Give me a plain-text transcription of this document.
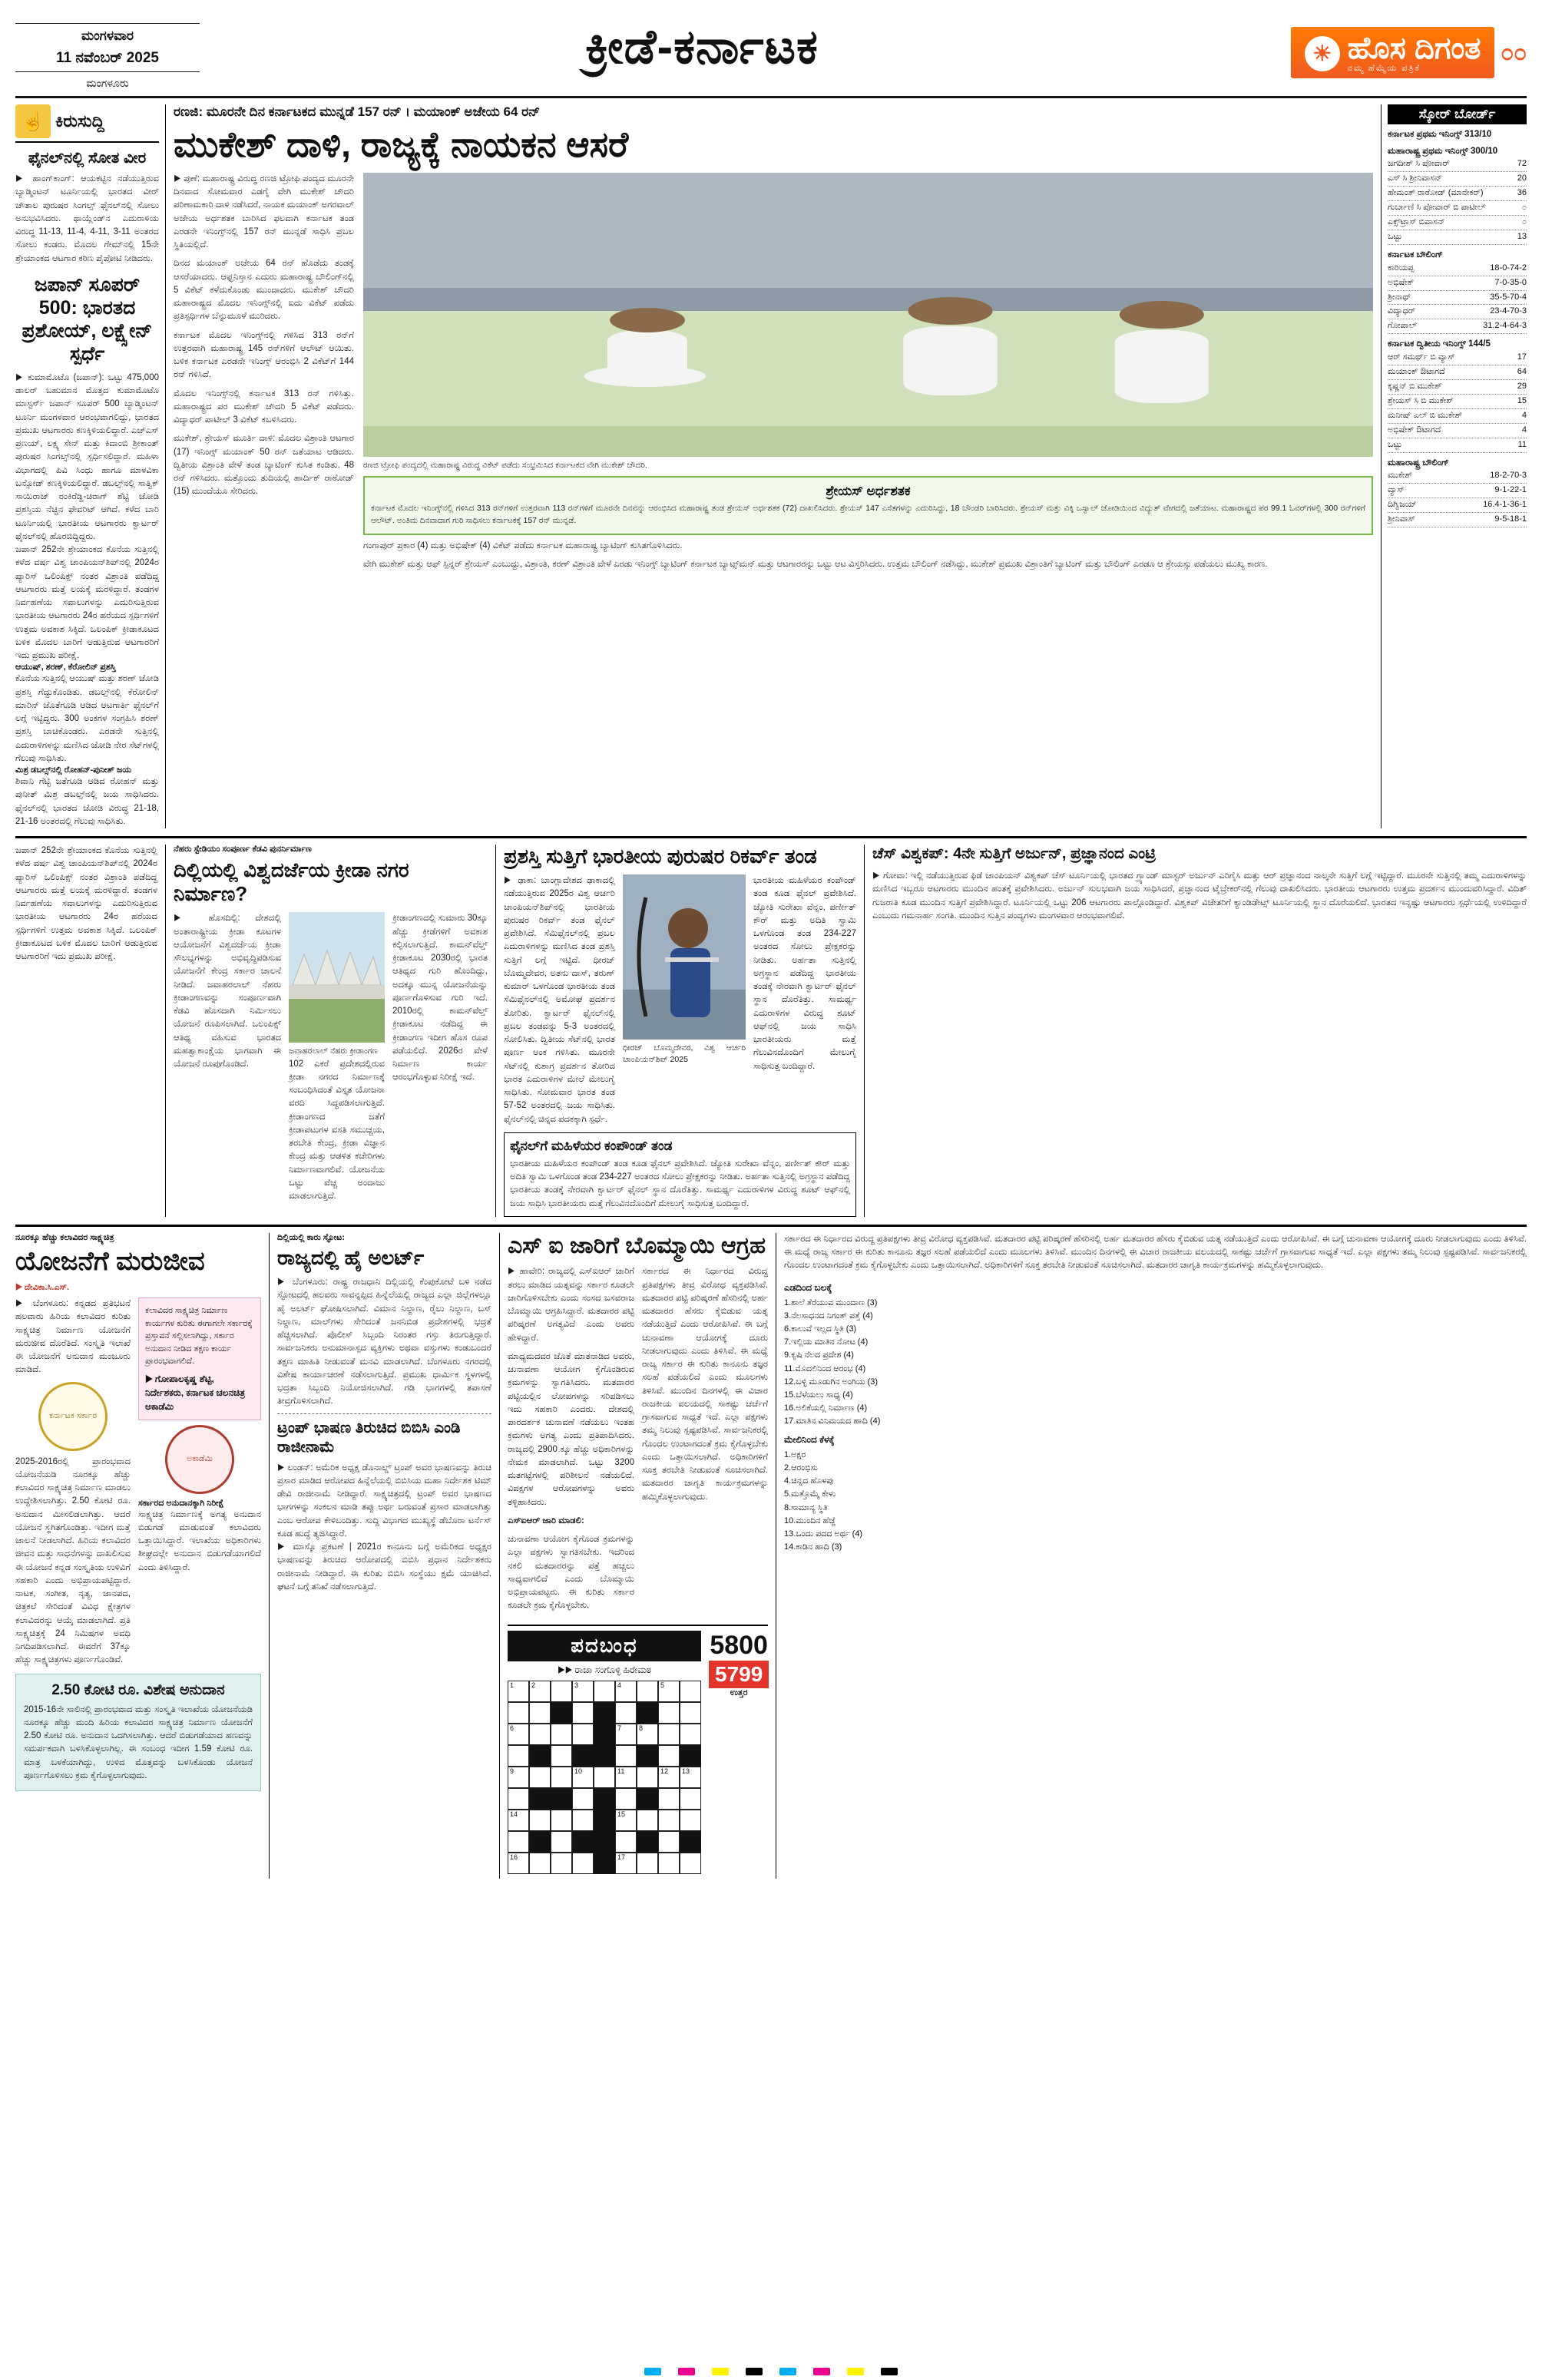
ಮಂಗಳವಾರ
11 ನವೆಂಬರ್ 2025
ಮಂಗಳೂರು
ಕ್ರೀಡೆ-ಕರ್ನಾಟಕ	☀ ಹೊಸ ದಿಗಂತ
ನಮ್ಮ ಹೆಮ್ಮೆಯ ಪತ್ರಿಕೆ
೦೦
☝ ಕಿರುಸುದ್ದಿ
ಫೈನಲ್‌ನಲ್ಲಿ ಸೋತ ವೀರ
▶ ಹಾಂಗ್‌ಕಾಂಗ್: ಆಯಕಟ್ಟಿನ ನಡೆಯುತ್ತಿರುವ ಬ್ಯಾಡ್ಮಿಂಟನ್ ಟೂರ್ನಿಯಲ್ಲಿ ಭಾರತದ ವೀರ್ ಚೌತಾಲ ಪುರುಷರ ಸಿಂಗಲ್ಸ್ ಫೈನಲ್‌ನಲ್ಲಿ ಸೋಲು ಅನುಭವಿಸಿದರು. ಥಾಯ್ಲೆಂಡ್‌ನ ಎದುರಾಳಿಯ ವಿರುದ್ಧ 11-13, 11-4, 4-11, 3-11 ಅಂತರದ ಸೋಲು ಕಂಡರು. ಮೊದಲ ಗೇಮ್‌ನಲ್ಲಿ 15ನೇ ಶ್ರೇಯಾಂಕದ ಆಟಗಾರ ಕಠಿಣ ಪೈಪೋಟಿ ನೀಡಿದರು.
ಜಪಾನ್ ಸೂಪರ್ 500: ಭಾರತದ ಪ್ರಶೋಯ್, ಲಕ್ಷ್ಸೇನ್ ಸ್ಪರ್ಧೆ
▶ ಕುಮಾಮೊಟೊ (ಜಪಾನ್): ಒಟ್ಟು 475,000 ಡಾಲರ್ ಬಹುಮಾನ ಮೊತ್ತದ ಕುಮಾಮೊಟೊ ಮಾಸ್ಟರ್ಸ್ ಜಪಾನ್ ಸೂಪರ್ 500 ಬ್ಯಾಡ್ಮಿಂಟನ್ ಟೂರ್ನಿ ಮಂಗಳವಾರ ಆರಂಭವಾಗಲಿದ್ದು, ಭಾರತದ ಪ್ರಮುಖ ಆಟಗಾರರು ಕಣಕ್ಕಿಳಿಯಲಿದ್ದಾರೆ. ಎಚ್‌ಎಸ್ ಪ್ರಣಯ್, ಲಕ್ಷ್ಯ ಸೇನ್ ಮತ್ತು ಕಿದಾಂಬಿ ಶ್ರೀಕಾಂತ್ ಪುರುಷರ ಸಿಂಗಲ್ಸ್‌ನಲ್ಲಿ ಸ್ಪರ್ಧಿಸಲಿದ್ದಾರೆ. ಮಹಿಳಾ ವಿಭಾಗದಲ್ಲಿ ಪಿವಿ ಸಿಂಧು ಹಾಗೂ ಮಾಳವಿಕಾ ಬನ್ಸೋಡ್ ಕಣಕ್ಕಿಳಿಯಲಿದ್ದಾರೆ. ಡಬಲ್ಸ್‌ನಲ್ಲಿ ಸಾತ್ವಿಕ್ ಸಾಯಿರಾಜ್ ರಂಕಿರೆಡ್ಡಿ-ಚಿರಾಗ್ ಶೆಟ್ಟಿ ಜೋಡಿ ಪ್ರಶಸ್ತಿಯ ನೆಚ್ಚಿನ ಫೇವರಿಟ್ ಆಗಿದೆ. ಕಳೆದ ಬಾರಿ ಟೂರ್ನಿಯಲ್ಲಿ ಭಾರತೀಯ ಆಟಗಾರರು ಕ್ವಾರ್ಟರ್ ಫೈನಲ್‌ನಲ್ಲಿ ಹೊರಬಿದ್ದಿದ್ದರು.
ಜಪಾನ್ 252ನೇ ಶ್ರೇಯಾಂಕದ ಕೊನೆಯ ಸುತ್ತಿನಲ್ಲಿ ಕಳೆದ ವರ್ಷ ವಿಶ್ವ ಚಾಂಪಿಯನ್‌ಶಿಪ್‌ನಲ್ಲಿ 2024ರ ಪ್ಯಾರಿಸ್ ಒಲಿಂಪಿಕ್ಸ್ ನಂತರ ವಿಶ್ರಾಂತಿ ಪಡೆದಿದ್ದ ಆಟಗಾರರು ಮತ್ತೆ ಲಯಕ್ಕೆ ಮರಳಿದ್ದಾರೆ. ತಂಡಗಳ ನಿರ್ವಹಣೆಯ ಸವಾಲುಗಳನ್ನು ಎದುರಿಸುತ್ತಿರುವ ಭಾರತೀಯ ಆಟಗಾರರು 24ರ ಹರೆಯದ ಸ್ಪರ್ಧಿಗಳಿಗೆ ಉತ್ತಮ ಅವಕಾಶ ಸಿಕ್ಕಿದೆ. ಒಲಂಪಿಕ್ ಕ್ರೀಡಾಕೂಟದ ಬಳಿಕ ಮೊದಲ ಬಾರಿಗೆ ಆಡುತ್ತಿರುವ ಆಟಗಾರರಿಗೆ ಇದು ಪ್ರಮುಖ ಪರೀಕ್ಷೆ.
ಆಯುಷ್, ಶರಣ್, ಕೆರೋಲಿನ್ ಪ್ರಶಸ್ತಿ
ಕೊನೆಯ ಸುತ್ತಿನಲ್ಲಿ ಆಯುಷ್ ಮತ್ತು ಶರಣ್ ಜೋಡಿ ಪ್ರಶಸ್ತಿ ಗೆದ್ದುಕೊಂಡಿತು. ಡಬಲ್ಸ್‌ನಲ್ಲಿ ಕೆರೋಲಿನ್ ಮಾರಿನ್ ಜೊತೆಗೂಡಿ ಆಡಿದ ಆಟಗಾರ್ತಿ ಫೈನಲ್‌ಗೆ ಲಗ್ಗೆ ಇಟ್ಟಿದ್ದರು. 300 ಅಂಕಗಳ ಸಂಗ್ರಹಿಸಿ ಶರಣ್ ಪ್ರಶಸ್ತಿ ಬಾಚಿಕೊಂಡರು. ಎರಡನೇ ಸುತ್ತಿನಲ್ಲಿ ಎದುರಾಳಿಗಳನ್ನು ಮಣಿಸಿದ ಜೋಡಿ ನೇರ ಸೆಟ್‌ಗಳಲ್ಲಿ ಗೆಲುವು ಸಾಧಿಸಿತು.
ಮಿಶ್ರ ಡಬಲ್ಸ್‌ನಲ್ಲಿ ರೋಹನ್-ಪುನೀತ್ ಜಯ
ಶಿವಾನಿ ಗೆಟ್ಟಿ ಜತೆಗೂಡಿ ಆಡಿದ ರೋಹನ್ ಮತ್ತು ಪುನೀತ್ ಮಿಶ್ರ ಡಬಲ್ಸ್‌ನಲ್ಲಿ ಜಯ ಸಾಧಿಸಿದರು. ಫೈನಲ್‌ನಲ್ಲಿ ಭಾರತದ ಜೋಡಿ ವಿರುದ್ಧ 21-18, 21-16 ಅಂತರದಲ್ಲಿ ಗೆಲುವು ಸಾಧಿಸಿತು.
ರಣಜಿ: ಮೂರನೇ ದಿನ ಕರ್ನಾಟಕದ ಮುನ್ನಡೆ 157 ರನ್ । ಮಯಾಂಕ್ ಅಜೇಯ 64 ರನ್
ಮುಕೇಶ್ ದಾಳಿ, ರಾಜ್ಯಕ್ಕೆ ನಾಯಕನ ಆಸರೆ

▶ ಪುಣೆ: ಮಹಾರಾಷ್ಟ್ರ ವಿರುದ್ಧ ರಣಜಿ ಟ್ರೋಫಿ ಪಂದ್ಯದ ಮೂರನೇ ದಿನವಾದ ಸೋಮವಾರ ಎಡಗೈ ವೇಗಿ ಮುಕೇಶ್ ಚೌದರಿ ಪರಿಣಾಮಕಾರಿ ದಾಳಿ ನಡೆಸಿದರೆ, ನಾಯಕ ಮಯಾಂಕ್ ಅಗರವಾಲ್ ಅಜೇಯ ಅರ್ಧಶತಕ ಬಾರಿಸಿದ ಫಲವಾಗಿ ಕರ್ನಾಟಕ ತಂಡ ಎರಡನೇ ಇನಿಂಗ್ಸ್‌ನಲ್ಲಿ 157 ರನ್ ಮುನ್ನಡೆ ಸಾಧಿಸಿ ಪ್ರಬಲ ಸ್ಥಿತಿಯಲ್ಲಿದೆ.

ದಿನದ ಮಯಾಂಕ್ ಅಜೇಯ 64 ರನ್ ಹೊಡೆದು ತಂಡಕ್ಕೆ ಆಸರೆಯಾದರು. ಆಫ್ಘನಿಸ್ತಾನ ಎದುರು ಮಹಾರಾಷ್ಟ್ರ ಬೌಲಿಂಗ್‌ನಲ್ಲಿ 5 ವಿಕೆಟ್ ಕಳೆದುಕೊಂಡು ಮುಂದಾದರು. ಮುಕೇಶ್ ಚೌದರಿ ಮಹಾರಾಷ್ಟ್ರದ ಮೊದಲ ಇನಿಂಗ್ಸ್‌ನಲ್ಲಿ ಐದು ವಿಕೆಟ್ ಪಡೆದು ಪ್ರತಿಸ್ಪರ್ಧಿಗಳ ಬೆನ್ನುಮೂಳೆ ಮುರಿದರು.

ಕರ್ನಾಟಕ ಮೊದಲ ಇನಿಂಗ್ಸ್‌ನಲ್ಲಿ ಗಳಿಸಿದ 313 ರನ್‌ಗೆ ಉತ್ತರವಾಗಿ ಮಹಾರಾಷ್ಟ್ರ 145 ರನ್‌ಗಳಿಗೆ ಆಲೌಟ್ ಆಯಿತು. ಬಳಿಕ ಕರ್ನಾಟಕ ಎರಡನೇ ಇನಿಂಗ್ಸ್ ಆರಂಭಿಸಿ 2 ವಿಕೆಟ್‌ಗೆ 144 ರನ್ ಗಳಿಸಿದೆ.

ಮೊದಲ ಇನಿಂಗ್ಸ್‌ನಲ್ಲಿ ಕರ್ನಾಟಕ 313 ರನ್ ಗಳಿಸಿತ್ತು. ಮಹಾರಾಷ್ಟ್ರದ ಪರ ಮುಕೇಶ್ ಚೌದರಿ 5 ವಿಕೆಟ್ ಪಡೆದರು. ವಿದ್ಯಾಧರ್ ಪಾಟೀಲ್ 3 ವಿಕೆಟ್ ಕಬಳಿಸಿದರು.

ಮುಕೇಶ್, ಶ್ರೇಯಸ್ ಮೂರ್ತಿ ದಾಳಿ: ಮೊದಲ ವಿಶ್ರಾಂತಿ ಆಟಗಾರ (17) ಇನಿಂಗ್ಸ್ ಮಯಾಂಕ್ 50 ರನ್ ಜತೆಯಾಟ ಆಡಿದರು. ದ್ವಿತೀಯ ವಿಶ್ರಾಂತಿ ವೇಳೆ ತಂಡ ಬ್ಯಾಟಿಂಗ್ ಕುಸಿತ ಕಂಡಿತು. 48 ರನ್ ಗಳಿಸಿದರು. ಮತ್ತೊಂದು ತುದಿಯಲ್ಲಿ ಹಾರ್ದಿಕ್ ರಾಠೋಡ್ (15) ಮುಂದೆಯೂ ಸೇರಿದರು.

ರಣಜಿ ಟ್ರೋಫಿ ಪಂದ್ಯದಲ್ಲಿ ಮಹಾರಾಷ್ಟ್ರ ವಿರುದ್ಧ ವಿಕೆಟ್ ಪಡೆದು ಸಂಭ್ರಮಿಸಿದ ಕರ್ನಾಟಕದ ವೇಗಿ ಮುಕೇಶ್ ಚೌದರಿ.
ಶ್ರೇಯಸ್ ಅರ್ಧಶತಕ
ಕರ್ನಾಟಕ ಮೊದಲ ಇನಿಂಗ್ಸ್‌ನಲ್ಲಿ ಗಳಿಸಿದ 313 ರನ್‌ಗಳಿಗೆ ಉತ್ತರವಾಗಿ 113 ರನ್‌ಗಳಿಗೆ ಮೂರನೇ ದಿನವನ್ನು ಆರಂಭಿಸಿದ ಮಹಾರಾಷ್ಟ್ರ ತಂಡ ಶ್ರೇಯಸ್ ಅರ್ಧಶತಕ (72) ದಾಖಲಿಸಿದರು. ಶ್ರೇಯಸ್ 147 ಎಸೆತಗಳನ್ನು ಎದುರಿಸಿದ್ದು, 18 ಬೌಂಡರಿ ಬಾರಿಸಿದರು. ಶ್ರೇಯಸ್ ಮತ್ತು ವಿಕ್ಕಿ ಒಸ್ವಾಲ್ ಜೋಡಿಯಿಂದ ವಿದ್ಯುತ್ ವೇಗದಲ್ಲಿ ಜತೆಯಾಟ. ಮಹಾರಾಷ್ಟ್ರದ ಪರ 99.1 ಓವರ್‌ಗಳಲ್ಲಿ 300 ರನ್‌ಗಳಿಗೆ ಆಲೌಟ್. ಅಂತಿಮ ದಿನವಾದಾಗ ಗುರಿ ಸಾಧಿಸಲು ಕರ್ನಾಟಕಕ್ಕೆ 157 ರನ್ ಮುನ್ನಡೆ.

ಗಂಗಾಪುರ್ ಪ್ರಕಾರ (4) ಮತ್ತು ಅಭಿಷೇಕ್ (4) ವಿಕೆಟ್ ಪಡೆದು ಕರ್ನಾಟಕ ಮಹಾರಾಷ್ಟ್ರ ಬ್ಯಾಟಿಂಗ್ ಕುಸಿತಗೊಳಿಸಿದರು.

ವೇಗಿ ಮುಕೇಶ್ ಮತ್ತು ಆಫ್ ಸ್ಪಿನ್ನರ್ ಶ್ರೇಯಸ್ ಎಂಬುದ್ದು, ವಿಶ್ರಾಂತಿ, ಕರಣ್ ವಿಶ್ರಾಂತಿ ವೇಳೆ ಎರಡು ಇನಿಂಗ್ಸ್ ಬ್ಯಾಟಿಂಗ್ ಕರ್ನಾಟಕ ಬ್ಯಾಟ್ಸ್‌ಮನ್ ಮತ್ತು ಆಟಗಾರರನ್ನು ಒಟ್ಟು ಆಟ ವಿಸ್ತರಿಸಿದರು. ಉತ್ತಮ ಬೌಲಿಂಗ್ ನಡೆಸಿದ್ದು, ಮುಕೇಶ್ ಪ್ರಮುಖ ವಿಶ್ರಾಂತಿಗೆ ಬ್ಯಾಟಿಂಗ್ ಮತ್ತು ಬೌಲಿಂಗ್ ಎರಡೂ ಆ ಶ್ರೇಯಸ್ಸು ಪಡೆಯಲು ಮುಖ್ಯ ಕಾರಣ.

ಸ್ಕೋರ್ ಬೋರ್ಡ್
ಕರ್ನಾಟಕ ಪ್ರಥಮ ಇನಿಂಗ್ಸ್ 313/10
ಮಹಾರಾಷ್ಟ್ರ ಪ್ರಥಮ ಇನಿಂಗ್ಸ್ 300/10
ಜಗದೀಶ್ ಸಿ ಪೋವಾರ್	72
ಎಸ್ ಸಿ ಶ್ರೀನಿವಾಸನ್	20
ಹೇಮಂತ್ ರಾಠೋಡ್ (ಮಾನೇಕರ್)	36
ಗುರ್ಬಾಣಿ ಸಿ ಪೋವಾರ್ ಬಿ ಪಾಟೀಲ್	೦
ಎಕ್ಸ್‌ಟ್ರಾಸ್ ಬಿವಾಸನ್	೦
ಒಟ್ಟು	13
ಕರ್ನಾಟಕ ಬೌಲಿಂಗ್
ಕಾರಿಯಪ್ಪ	18-0-74-2
ಅಭಿಷೇಕ್	7-0-35-0
ಶ್ರೀನಾಥ್	35-5-70-4
ವಿದ್ಯಾಧರ್	23-4-70-3
ಗೋಪಾಲ್	31.2-4-64-3
ಕರ್ನಾಟಕ ದ್ವಿತೀಯ ಇನಿಂಗ್ಸ್ 144/5
ಆರ್ ಸಮರ್ಥ್ ಬಿ ವ್ಯಾಸ್	17
ಮಯಾಂಕ್ ಔಟಾಗದೆ	64
ಕೃಷ್ಣನ್ ಬಿ ಮುಕೇಶ್	29
ಶ್ರೇಯಸ್ ಸಿ ಬಿ ಮುಕೇಶ್	15
ಮನೀಷ್ ಎಲ್ ಬಿ ಮುಕೇಶ್	4
ಅಭಿಷೇಕ್ ಔಟಾಗದೆ	4
ಒಟ್ಟು	11
ಮಹಾರಾಷ್ಟ್ರ ಬೌಲಿಂಗ್
ಮುಕೇಶ್	18-2-70-3
ವ್ಯಾಸ್	9-1-22-1
ದಿಗ್ವಿಜಯ್	16.4-1-36-1
ಶ್ರೀನಿವಾಸ್	9-5-18-1
ಜಪಾನ್ 252ನೇ ಶ್ರೇಯಾಂಕದ ಕೊನೆಯ ಸುತ್ತಿನಲ್ಲಿ ಕಳೆದ ವರ್ಷ ವಿಶ್ವ ಚಾಂಪಿಯನ್‌ಶಿಪ್‌ನಲ್ಲಿ 2024ರ ಪ್ಯಾರಿಸ್ ಒಲಿಂಪಿಕ್ಸ್ ನಂತರ ವಿಶ್ರಾಂತಿ ಪಡೆದಿದ್ದ ಆಟಗಾರರು ಮತ್ತೆ ಲಯಕ್ಕೆ ಮರಳಿದ್ದಾರೆ. ತಂಡಗಳ ನಿರ್ವಹಣೆಯ ಸವಾಲುಗಳನ್ನು ಎದುರಿಸುತ್ತಿರುವ ಭಾರತೀಯ ಆಟಗಾರರು 24ರ ಹರೆಯದ ಸ್ಪರ್ಧಿಗಳಿಗೆ ಉತ್ತಮ ಅವಕಾಶ ಸಿಕ್ಕಿದೆ. ಒಲಂಪಿಕ್ ಕ್ರೀಡಾಕೂಟದ ಬಳಿಕ ಮೊದಲ ಬಾರಿಗೆ ಆಡುತ್ತಿರುವ ಆಟಗಾರರಿಗೆ ಇದು ಪ್ರಮುಖ ಪರೀಕ್ಷೆ.
ನೆಹರು ಸ್ಟೇಡಿಯಂ ಸಂಪೂರ್ಣ ಕೆಡವಿ ಪುನರ್ನಿರ್ಮಾಣ
ದಿಲ್ಲಿಯಲ್ಲಿ ವಿಶ್ವದರ್ಜೆಯ ಕ್ರೀಡಾ ನಗರ ನಿರ್ಮಾಣ?
▶ ಹೊಸದಿಲ್ಲಿ: ದೇಶದಲ್ಲಿ ಅಂತಾರಾಷ್ಟ್ರೀಯ ಕ್ರೀಡಾ ಕೂಟಗಳ ಆಯೋಜನೆಗೆ ವಿಶ್ವದರ್ಜೆಯ ಕ್ರೀಡಾ ಸೌಲಭ್ಯಗಳನ್ನು ಅಭಿವೃದ್ಧಿಪಡಿಸುವ ಯೋಜನೆಗೆ ಕೇಂದ್ರ ಸರ್ಕಾರ ಚಾಲನೆ ನೀಡಿದೆ. ಜವಾಹರಲಾಲ್ ನೆಹರು ಕ್ರೀಡಾಂಗಣವನ್ನು ಸಂಪೂರ್ಣವಾಗಿ ಕೆಡವಿ ಹೊಸದಾಗಿ ನಿರ್ಮಿಸಲು ಯೋಜನೆ ರೂಪಿಸಲಾಗಿದೆ. ಒಲಂಪಿಕ್ಸ್ ಆತಿಥ್ಯ ವಹಿಸುವ ಭಾರತದ ಮಹತ್ವಾಕಾಂಕ್ಷೆಯ ಭಾಗವಾಗಿ ಈ ಯೋಜನೆ ರೂಪುಗೊಂಡಿದೆ.
ಜವಾಹರಲಾಲ್ ನೆಹರು ಕ್ರೀಡಾಂಗಣ
102 ಎಕರೆ ಪ್ರದೇಶದಲ್ಲಿರುವ ಕ್ರೀಡಾ ನಗರದ ನಿರ್ಮಾಣಕ್ಕೆ ಸಂಬಂಧಿಸಿದಂತೆ ವಿಸ್ತೃತ ಯೋಜನಾ ವರದಿ ಸಿದ್ಧಪಡಿಸಲಾಗುತ್ತಿದೆ. ಕ್ರೀಡಾಂಗಣದ ಜತೆಗೆ ಕ್ರೀಡಾಪಟುಗಳ ವಸತಿ ಸಮುಚ್ಚಯ, ತರಬೇತಿ ಕೇಂದ್ರ, ಕ್ರೀಡಾ ವಿಜ್ಞಾನ ಕೇಂದ್ರ ಮತ್ತು ಆಡಳಿತ ಕಚೇರಿಗಳು ನಿರ್ಮಾಣವಾಗಲಿವೆ. ಯೋಜನೆಯ ಒಟ್ಟು ವೆಚ್ಚ ಅಂದಾಜು ಮಾಡಲಾಗುತ್ತಿದೆ.
ಕ್ರೀಡಾಂಗಣದಲ್ಲಿ ಸುಮಾರು 30ಕ್ಕೂ ಹೆಚ್ಚು ಕ್ರೀಡೆಗಳಿಗೆ ಅವಕಾಶ ಕಲ್ಪಿಸಲಾಗುತ್ತಿದೆ. ಕಾಮನ್‌ವೆಲ್ತ್ ಕ್ರೀಡಾಕೂಟ 2030ರಲ್ಲಿ ಭಾರತ ಆತಿಥ್ಯದ ಗುರಿ ಹೊಂದಿದ್ದು, ಅದಕ್ಕೂ ಮುನ್ನ ಯೋಜನೆಯನ್ನು ಪೂರ್ಣಗೊಳಿಸುವ ಗುರಿ ಇದೆ. 2010ರಲ್ಲಿ ಕಾಮನ್‌ವೆಲ್ತ್ ಕ್ರೀಡಾಕೂಟ ನಡೆದಿದ್ದ ಈ ಕ್ರೀಡಾಂಗಣ ಇದೀಗ ಹೊಸ ರೂಪ ಪಡೆಯಲಿದೆ. 2026ರ ವೇಳೆ ನಿರ್ಮಾಣ ಕಾರ್ಯ ಆರಂಭಗೊಳ್ಳುವ ನಿರೀಕ್ಷೆ ಇದೆ.
ಪ್ರಶಸ್ತಿ ಸುತ್ತಿಗೆ ಭಾರತೀಯ ಪುರುಷರ ರಿಕರ್ವ್ ತಂಡ
▶ ಢಾಕಾ: ಬಾಂಗ್ಲಾದೇಶದ ಢಾಕಾದಲ್ಲಿ ನಡೆಯುತ್ತಿರುವ 2025ರ ವಿಶ್ವ ಆರ್ಚರಿ ಚಾಂಪಿಯನ್‌ಶಿಪ್‌ನಲ್ಲಿ ಭಾರತೀಯ ಪುರುಷರ ರಿಕರ್ವ್ ತಂಡ ಫೈನಲ್ ಪ್ರವೇಶಿಸಿದೆ. ಸೆಮಿಫೈನಲ್‌ನಲ್ಲಿ ಪ್ರಬಲ ಎದುರಾಳಿಗಳನ್ನು ಮಣಿಸಿದ ತಂಡ ಪ್ರಶಸ್ತಿ ಸುತ್ತಿಗೆ ಲಗ್ಗೆ ಇಟ್ಟಿದೆ. ಧೀರಜ್ ಬೊಮ್ಮದೇವರ, ಅತನು ದಾಸ್, ತರುಣ್ ಕುಮಾರ್ ಒಳಗೊಂಡ ಭಾರತೀಯ ತಂಡ ಸೆಮಿಫೈನಲ್‌ನಲ್ಲಿ ಅಮೋಘ ಪ್ರದರ್ಶನ ತೋರಿತು. ಕ್ವಾರ್ಟರ್ ಫೈನಲ್‌ನಲ್ಲಿ ಪ್ರಬಲ ತಂಡವನ್ನು 5-3 ಅಂತರದಲ್ಲಿ ಸೋಲಿಸಿತು. ದ್ವಿತೀಯ ಸೆಟ್‌ನಲ್ಲಿ ಭಾರತ ಪೂರ್ಣ ಅಂಕ ಗಳಿಸಿತು. ಮೂರನೇ ಸೆಟ್‌ನಲ್ಲಿ ಕುಶಾಗ್ರ ಪ್ರದರ್ಶನ ತೋರಿದ ಭಾರತ ಎದುರಾಳಿಗಳ ಮೇಲೆ ಮೇಲುಗೈ ಸಾಧಿಸಿತು. ಸೋಮವಾರ ಭಾರತ ತಂಡ 57-52 ಅಂತರದಲ್ಲಿ ಜಯ ಸಾಧಿಸಿತು. ಫೈನಲ್‌ನಲ್ಲಿ ಚಿನ್ನದ ಪದಕಕ್ಕಾಗಿ ಸ್ಪರ್ಧೆ.
ಧೀರಜ್ ಬೊಮ್ಮದೇವರ, ವಿಶ್ವ ಆರ್ಚರಿ ಚಾಂಪಿಯನ್‌ಶಿಪ್ 2025
ಭಾರತೀಯ ಮಹಿಳೆಯರ ಕಂಪೌಂಡ್ ತಂಡ ಕೂಡ ಫೈನಲ್ ಪ್ರವೇಶಿಸಿದೆ. ಜ್ಯೋತಿ ಸುರೇಖಾ ವೆನ್ನಂ, ಪರ್ಣೀತ್ ಕೌರ್ ಮತ್ತು ಅದಿತಿ ಸ್ವಾಮಿ ಒಳಗೊಂಡ ತಂಡ 234-227 ಅಂತರದ ಸೋಲು ಪ್ರೇಕ್ಷಕರನ್ನು ನೀಡಿತು. ಅರ್ಹತಾ ಸುತ್ತಿನಲ್ಲಿ ಅಗ್ರಸ್ಥಾನ ಪಡೆದಿದ್ದ ಭಾರತೀಯ ತಂಡಕ್ಕೆ ನೇರವಾಗಿ ಕ್ವಾರ್ಟರ್ ಫೈನಲ್ ಸ್ಥಾನ ದೊರೆತಿತ್ತು. ಸಾಮರ್ಥ್ಯ ಎದುರಾಳಿಗಳ ವಿರುದ್ಧ ಶೂಟ್ ಆಫ್‌ನಲ್ಲಿ ಜಯ ಸಾಧಿಸಿ ಭಾರತೀಯರು ಮತ್ತೆ ಗೆಲುವಿನದೊಂದಿಗೆ ಮೇಲುಗೈ ಸಾಧಿಸುತ್ತ ಬಂದಿದ್ದಾರೆ.
ಫೈನಲ್‌ಗೆ ಮಹಿಳೆಯರ ಕಂಪೌಂಡ್ ತಂಡ
ಭಾರತೀಯ ಮಹಿಳೆಯರ ಕಂಪೌಂಡ್ ತಂಡ ಕೂಡ ಫೈನಲ್ ಪ್ರವೇಶಿಸಿದೆ. ಜ್ಯೋತಿ ಸುರೇಖಾ ವೆನ್ನಂ, ಪರ್ಣೀತ್ ಕೌರ್ ಮತ್ತು ಅದಿತಿ ಸ್ವಾಮಿ ಒಳಗೊಂಡ ತಂಡ 234-227 ಅಂತರದ ಸೋಲು ಪ್ರೇಕ್ಷಕರನ್ನು ನೀಡಿತು. ಅರ್ಹತಾ ಸುತ್ತಿನಲ್ಲಿ ಅಗ್ರಸ್ಥಾನ ಪಡೆದಿದ್ದ ಭಾರತೀಯ ತಂಡಕ್ಕೆ ನೇರವಾಗಿ ಕ್ವಾರ್ಟರ್ ಫೈನಲ್ ಸ್ಥಾನ ದೊರೆತಿತ್ತು. ಸಾಮರ್ಥ್ಯ ಎದುರಾಳಿಗಳ ವಿರುದ್ಧ ಶೂಟ್ ಆಫ್‌ನಲ್ಲಿ ಜಯ ಸಾಧಿಸಿ ಭಾರತೀಯರು ಮತ್ತೆ ಗೆಲುವಿನದೊಂದಿಗೆ ಮೇಲುಗೈ ಸಾಧಿಸುತ್ತ ಬಂದಿದ್ದಾರೆ.
ಚೆಸ್ ವಿಶ್ವಕಪ್: 4ನೇ ಸುತ್ತಿಗೆ ಅರ್ಜುನ್, ಪ್ರಜ್ಞಾನಂದ ಎಂಟ್ರಿ
▶ ಗೋವಾ: ಇಲ್ಲಿ ನಡೆಯುತ್ತಿರುವ ಫಿಡೆ ಚಾಂಪಿಯನ್ ವಿಶ್ವಕಪ್ ಚೆಸ್ ಟೂರ್ನಿಯಲ್ಲಿ ಭಾರತದ ಗ್ರ್ಯಾಂಡ್ ಮಾಸ್ಟರ್ ಅರ್ಜುನ್ ಎರಿಗೈಸಿ ಮತ್ತು ಆರ್ ಪ್ರಜ್ಞಾನಂದ ನಾಲ್ಕನೇ ಸುತ್ತಿಗೆ ಲಗ್ಗೆ ಇಟ್ಟಿದ್ದಾರೆ. ಮೂರನೇ ಸುತ್ತಿನಲ್ಲಿ ತಮ್ಮ ಎದುರಾಳಿಗಳನ್ನು ಮಣಿಸಿದ ಇಬ್ಬರೂ ಆಟಗಾರರು ಮುಂದಿನ ಹಂತಕ್ಕೆ ಪ್ರವೇಶಿಸಿದರು. ಅರ್ಜುನ್ ಸುಲಭವಾಗಿ ಜಯ ಸಾಧಿಸಿದರೆ, ಪ್ರಜ್ಞಾನಂದ ಟೈಬ್ರೇಕರ್‌ನಲ್ಲಿ ಗೆಲುವು ದಾಖಲಿಸಿದರು. ಭಾರತೀಯ ಆಟಗಾರರು ಉತ್ತಮ ಪ್ರದರ್ಶನ ಮುಂದುವರಿಸಿದ್ದಾರೆ. ವಿದಿತ್ ಗುಜರಾತಿ ಕೂಡ ಮುಂದಿನ ಸುತ್ತಿಗೆ ಪ್ರವೇಶಿಸಿದ್ದಾರೆ. ಟೂರ್ನಿಯಲ್ಲಿ ಒಟ್ಟು 206 ಆಟಗಾರರು ಪಾಲ್ಗೊಂಡಿದ್ದಾರೆ. ವಿಶ್ವಕಪ್ ವಿಜೇತರಿಗೆ ಕ್ಯಾಂಡಿಡೇಟ್ಸ್ ಟೂರ್ನಿಯಲ್ಲಿ ಸ್ಥಾನ ದೊರೆಯಲಿದೆ. ಭಾರತದ ಇನ್ನಷ್ಟು ಆಟಗಾರರು ಸ್ಪರ್ಧೆಯಲ್ಲಿ ಉಳಿದಿದ್ದಾರೆ ಎಂಬುದು ಗಮನಾರ್ಹ ಸಂಗತಿ. ಮುಂದಿನ ಸುತ್ತಿನ ಪಂದ್ಯಗಳು ಮಂಗಳವಾರ ಆರಂಭವಾಗಲಿವೆ.
ನೂರಕ್ಕೂ ಹೆಚ್ಚು ಕಲಾವಿದರ ಸಾಕ್ಷ್ಯಚಿತ್ರ
ಯೋಜನೆಗೆ ಮರುಜೀವ
▶ ದೇವಿಕಾ.ಸಿ.ಎಸ್.
▶ ಬೆಂಗಳೂರು: ಕನ್ನಡದ ಪ್ರತಿಭಟನೆ ಹಲವಾರು ಹಿರಿಯ ಕಲಾವಿದರ ಕುರಿತು ಸಾಕ್ಷ್ಯಚಿತ್ರ ನಿರ್ಮಾಣ ಯೋಜನೆಗೆ ಮರುಜೀವ ದೊರೆತಿದೆ. ಸಂಸ್ಕೃತಿ ಇಲಾಖೆ ಈ ಯೋಜನೆಗೆ ಅನುದಾನ ಮಂಜೂರು ಮಾಡಿದೆ.
ಕರ್ನಾಟಕ ಸರ್ಕಾರ
2025-2016ರಲ್ಲಿ ಪ್ರಾರಂಭವಾದ ಯೋಜನೆಯಡಿ ನೂರಕ್ಕೂ ಹೆಚ್ಚು ಕಲಾವಿದರ ಸಾಕ್ಷ್ಯಚಿತ್ರ ನಿರ್ಮಾಣ ಮಾಡಲು ಉದ್ದೇಶಿಸಲಾಗಿತ್ತು. 2.50 ಕೋಟಿ ರೂ. ಅನುದಾನ ಮೀಸಲಿಡಲಾಗಿತ್ತು. ಆದರೆ ಯೋಜನೆ ಸ್ಥಗಿತಗೊಂಡಿತ್ತು. ಇದೀಗ ಮತ್ತೆ ಚಾಲನೆ ನೀಡಲಾಗಿದೆ. ಹಿರಿಯ ಕಲಾವಿದರ ಜೀವನ ಮತ್ತು ಸಾಧನೆಗಳನ್ನು ದಾಖಲಿಸುವ ಈ ಯೋಜನೆ ಕನ್ನಡ ಸಂಸ್ಕೃತಿಯ ಉಳಿವಿಗೆ ಸಹಕಾರಿ ಎಂದು ಅಭಿಪ್ರಾಯಪಟ್ಟಿದ್ದಾರೆ. ನಾಟಕ, ಸಂಗೀತ, ನೃತ್ಯ, ಜಾನಪದ, ಚಿತ್ರಕಲೆ ಸೇರಿದಂತೆ ವಿವಿಧ ಕ್ಷೇತ್ರಗಳ ಕಲಾವಿದರನ್ನು ಆಯ್ಕೆ ಮಾಡಲಾಗಿದೆ. ಪ್ರತಿ ಸಾಕ್ಷ್ಯಚಿತ್ರಕ್ಕೆ 24 ನಿಮಿಷಗಳ ಅವಧಿ ನಿಗದಿಪಡಿಸಲಾಗಿದೆ. ಈವರೆಗೆ 37ಕ್ಕೂ ಹೆಚ್ಚು ಸಾಕ್ಷ್ಯಚಿತ್ರಗಳು ಪೂರ್ಣಗೊಂಡಿವೆ.
ಕಲಾವಿದರ ಸಾಕ್ಷ್ಯಚಿತ್ರ ನಿರ್ಮಾಣ ಕಾರ್ಯಗಳ ಕುರಿತು ಈಗಾಗಲೇ ಸರ್ಕಾರಕ್ಕೆ ಪ್ರಸ್ತಾವನೆ ಸಲ್ಲಿಸಲಾಗಿದ್ದು, ಸರ್ಕಾರ ಅನುದಾನ ನೀಡಿದ ತಕ್ಷಣ ಕಾರ್ಯ ಪ್ರಾರಂಭವಾಗಲಿದೆ.
▶ ಗೋಪಾಲಕೃಷ್ಣ ಶೆಟ್ಟಿ, ನಿರ್ದೇಶಕರು, ಕರ್ನಾಟಕ ಚಲನಚಿತ್ರ ಅಕಾಡೆಮಿ
ಅಕಾಡೆಮಿ
ಸರ್ಕಾರದ ಅನುದಾನಕ್ಕಾಗಿ ನಿರೀಕ್ಷೆ
ಸಾಕ್ಷ್ಯಚಿತ್ರ ನಿರ್ಮಾಣಕ್ಕೆ ಅಗತ್ಯ ಅನುದಾನ ಬಿಡುಗಡೆ ಮಾಡುವಂತೆ ಕಲಾವಿದರು ಒತ್ತಾಯಿಸಿದ್ದಾರೆ. ಇಲಾಖೆಯ ಅಧಿಕಾರಿಗಳು ಶೀಘ್ರದಲ್ಲೇ ಅನುದಾನ ಬಿಡುಗಡೆಯಾಗಲಿದೆ ಎಂದು ತಿಳಿಸಿದ್ದಾರೆ.
2.50 ಕೋಟಿ ರೂ. ವಿಶೇಷ ಅನುದಾನ
2015-16ನೇ ಸಾಲಿನಲ್ಲಿ ಪ್ರಾರಂಭವಾದ ಮತ್ತು ಸಂಸ್ಕೃತಿ ಇಲಾಖೆಯ ಯೋಜನೆಯಡಿ ನೂರಕ್ಕೂ ಹೆಚ್ಚು ಮಂದಿ ಹಿರಿಯ ಕಲಾವಿದರ ಸಾಕ್ಷ್ಯಚಿತ್ರ ನಿರ್ಮಾಣ ಯೋಜನೆಗೆ 2.50 ಕೋಟಿ ರೂ. ಅನುದಾನ ಒದಗಿಸಲಾಗಿತ್ತು. ಆದರೆ ಬಿಡುಗಡೆಯಾದ ಹಣವನ್ನು ಸಮರ್ಪಕವಾಗಿ ಬಳಸಿಕೊಳ್ಳಲಾಗಿಲ್ಲ. ಈ ಸಂಬಂಧ ಇದೀಗ 1.59 ಕೋಟಿ ರೂ. ಮಾತ್ರ ಬಳಕೆಯಾಗಿದ್ದು, ಉಳಿದ ಮೊತ್ತವನ್ನು ಬಳಸಿಕೊಂಡು ಯೋಜನೆ ಪೂರ್ಣಗೊಳಿಸಲು ಕ್ರಮ ಕೈಗೊಳ್ಳಲಾಗುವುದು.
ದಿಲ್ಲಿಯಲ್ಲಿ ಕಾರು ಸ್ಫೋಟ:
ರಾಜ್ಯದಲ್ಲಿ ಹೈ ಅಲರ್ಟ್
▶ ಬೆಂಗಳೂರು: ರಾಷ್ಟ್ರ ರಾಜಧಾನಿ ದಿಲ್ಲಿಯಲ್ಲಿ ಕೆಂಪುಕೋಟೆ ಬಳಿ ನಡೆದ ಸ್ಫೋಟದಲ್ಲಿ ಹಲವರು ಸಾವನ್ನಪ್ಪಿದ ಹಿನ್ನೆಲೆಯಲ್ಲಿ ರಾಜ್ಯದ ಎಲ್ಲಾ ಜಿಲ್ಲೆಗಳಲ್ಲೂ ಹೈ ಅಲರ್ಟ್ ಘೋಷಿಸಲಾಗಿದೆ. ವಿಮಾನ ನಿಲ್ದಾಣ, ರೈಲು ನಿಲ್ದಾಣ, ಬಸ್ ನಿಲ್ದಾಣ, ಮಾಲ್‌ಗಳು ಸೇರಿದಂತೆ ಜನನಿಬಿಡ ಪ್ರದೇಶಗಳಲ್ಲಿ ಭದ್ರತೆ ಹೆಚ್ಚಿಸಲಾಗಿದೆ. ಪೊಲೀಸ್ ಸಿಬ್ಬಂದಿ ನಿರಂತರ ಗಸ್ತು ತಿರುಗುತ್ತಿದ್ದಾರೆ. ಸಾರ್ವಜನಿಕರು ಅನುಮಾನಾಸ್ಪದ ವ್ಯಕ್ತಿಗಳು ಅಥವಾ ವಸ್ತುಗಳು ಕಂಡುಬಂದರೆ ತಕ್ಷಣ ಮಾಹಿತಿ ನೀಡುವಂತೆ ಮನವಿ ಮಾಡಲಾಗಿದೆ. ಬೆಂಗಳೂರು ನಗರದಲ್ಲಿ ವಿಶೇಷ ಕಾರ್ಯಾಚರಣೆ ನಡೆಸಲಾಗುತ್ತಿದೆ. ಪ್ರಮುಖ ಧಾರ್ಮಿಕ ಸ್ಥಳಗಳಲ್ಲಿ ಭದ್ರತಾ ಸಿಬ್ಬಂದಿ ನಿಯೋಜಿಸಲಾಗಿದೆ. ಗಡಿ ಭಾಗಗಳಲ್ಲಿ ತಪಾಸಣೆ ತೀವ್ರಗೊಳಿಸಲಾಗಿದೆ.
ಟ್ರಂಪ್ ಭಾಷಣ ತಿರುಚಿದ ಬಿಬಿಸಿ ಎಂಡಿ ರಾಜೀನಾಮೆ
▶ ಲಂಡನ್: ಅಮೆರಿಕ ಅಧ್ಯಕ್ಷ ಡೊನಾಲ್ಡ್ ಟ್ರಂಪ್ ಅವರ ಭಾಷಣವನ್ನು ತಿರುಚಿ ಪ್ರಸಾರ ಮಾಡಿದ ಆರೋಪದ ಹಿನ್ನೆಲೆಯಲ್ಲಿ ಬಿಬಿಸಿಯ ಮಹಾ ನಿರ್ದೇಶಕ ಟಿಮ್ ಡೇವಿ ರಾಜೀನಾಮೆ ನೀಡಿದ್ದಾರೆ. ಸಾಕ್ಷ್ಯಚಿತ್ರದಲ್ಲಿ ಟ್ರಂಪ್ ಅವರ ಭಾಷಣದ ಭಾಗಗಳನ್ನು ಸಂಕಲನ ಮಾಡಿ ತಪ್ಪು ಅರ್ಥ ಬರುವಂತೆ ಪ್ರಸಾರ ಮಾಡಲಾಗಿತ್ತು ಎಂಬ ಆರೋಪ ಕೇಳಿಬಂದಿತ್ತು. ಸುದ್ದಿ ವಿಭಾಗದ ಮುಖ್ಯಸ್ಥೆ ಡೆಬೊರಾ ಟರ್ನೆಸ್ ಕೂಡ ಹುದ್ದೆ ತ್ಯಜಿಸಿದ್ದಾರೆ.
▶ ಮಾಸ್ಕೊ ಪ್ರಕಟಣೆ | 2021ರ ಕಾನೂನು ಬಗ್ಗೆ ಅಮೆರಿಕದ ಅಧ್ಯಕ್ಷರ ಭಾಷಣವನ್ನು ತಿರುಚಿದ ಆರೋಪದಲ್ಲಿ ಬಿಬಿಸಿ ಪ್ರಧಾನ ನಿರ್ದೇಶಕರು ರಾಜೀನಾಮೆ ನೀಡಿದ್ದಾರೆ. ಈ ಕುರಿತು ಬಿಬಿಸಿ ಸಂಸ್ಥೆಯು ಕ್ಷಮೆ ಯಾಚಿಸಿದೆ. ಘಟನೆ ಬಗ್ಗೆ ತನಿಖೆ ನಡೆಸಲಾಗುತ್ತಿದೆ.
ಎಸ್ ಐ ಜಾರಿಗೆ ಬೊಮ್ಮಾಯಿ ಆಗ್ರಹ

▶ ಹಾವೇರಿ: ರಾಜ್ಯದಲ್ಲಿ ಎಸ್ಐಆರ್ ಜಾರಿಗೆ ತರಲು ಮಾಡಿದ ಯತ್ನವನ್ನು ಸರ್ಕಾರ ಕೂಡಲೇ ಜಾರಿಗೊಳಿಸಬೇಕು ಎಂದು ಸಂಸದ ಬಸವರಾಜ ಬೊಮ್ಮಾಯಿ ಆಗ್ರಹಿಸಿದ್ದಾರೆ. ಮತದಾರರ ಪಟ್ಟಿ ಪರಿಷ್ಕರಣೆ ಅಗತ್ಯವಿದೆ ಎಂದು ಅವರು ಹೇಳಿದ್ದಾರೆ.

ಮಾಧ್ಯಮದವರ ಜೊತೆ ಮಾತನಾಡಿದ ಅವರು, ಚುನಾವಣಾ ಆಯೋಗ ಕೈಗೊಂಡಿರುವ ಕ್ರಮಗಳನ್ನು ಸ್ವಾಗತಿಸಿದರು. ಮತದಾರರ ಪಟ್ಟಿಯಲ್ಲಿನ ಲೋಪಗಳನ್ನು ಸರಿಪಡಿಸಲು ಇದು ಸಹಕಾರಿ ಎಂದರು. ದೇಶದಲ್ಲಿ ಪಾರದರ್ಶಕ ಚುನಾವಣೆ ನಡೆಯಲು ಇಂತಹ ಕ್ರಮಗಳು ಅಗತ್ಯ ಎಂದು ಪ್ರತಿಪಾದಿಸಿದರು. ರಾಜ್ಯದಲ್ಲಿ 2900 ಕ್ಕೂ ಹೆಚ್ಚು ಅಧಿಕಾರಿಗಳನ್ನು ನೇಮಕ ಮಾಡಲಾಗಿದೆ. ಒಟ್ಟು 3200 ಮತಗಟ್ಟೆಗಳಲ್ಲಿ ಪರಿಶೀಲನೆ ನಡೆಯಲಿದೆ. ವಿಪಕ್ಷಗಳ ಆರೋಪಗಳನ್ನು ಅವರು ತಳ್ಳಿಹಾಕಿದರು.

ಎಸ್ಐಆರ್ ಜಾರಿ ಮಾಡಲಿ:

ಚುನಾವಣಾ ಆಯೋಗ ಕೈಗೊಂಡ ಕ್ರಮಗಳನ್ನು ಎಲ್ಲಾ ಪಕ್ಷಗಳು ಸ್ವಾಗತಿಸಬೇಕು. ಇದರಿಂದ ನಕಲಿ ಮತದಾರರನ್ನು ಪತ್ತೆ ಹಚ್ಚಲು ಸಾಧ್ಯವಾಗಲಿದೆ ಎಂದು ಬೊಮ್ಮಾಯಿ ಅಭಿಪ್ರಾಯಪಟ್ಟರು. ಈ ಕುರಿತು ಸರ್ಕಾರ ಕೂಡಲೇ ಕ್ರಮ ಕೈಗೊಳ್ಳಬೇಕು.

ಸರ್ಕಾರದ ಈ ನಿರ್ಧಾರದ ವಿರುದ್ಧ ಪ್ರತಿಪಕ್ಷಗಳು ತೀವ್ರ ವಿರೋಧ ವ್ಯಕ್ತಪಡಿಸಿವೆ. ಮತದಾರರ ಪಟ್ಟಿ ಪರಿಷ್ಕರಣೆ ಹೆಸರಿನಲ್ಲಿ ಅರ್ಹ ಮತದಾರರ ಹೆಸರು ಕೈಬಿಡುವ ಯತ್ನ ನಡೆಯುತ್ತಿದೆ ಎಂದು ಆರೋಪಿಸಿವೆ. ಈ ಬಗ್ಗೆ ಚುನಾವಣಾ ಆಯೋಗಕ್ಕೆ ದೂರು ನೀಡಲಾಗುವುದು ಎಂದು ತಿಳಿಸಿವೆ. ಈ ಮಧ್ಯೆ ರಾಜ್ಯ ಸರ್ಕಾರ ಈ ಕುರಿತು ಕಾನೂನು ತಜ್ಞರ ಸಲಹೆ ಪಡೆಯಲಿದೆ ಎಂದು ಮೂಲಗಳು ತಿಳಿಸಿವೆ. ಮುಂದಿನ ದಿನಗಳಲ್ಲಿ ಈ ವಿಚಾರ ರಾಜಕೀಯ ವಲಯದಲ್ಲಿ ಸಾಕಷ್ಟು ಚರ್ಚೆಗೆ ಗ್ರಾಸವಾಗುವ ಸಾಧ್ಯತೆ ಇದೆ. ಎಲ್ಲಾ ಪಕ್ಷಗಳು ತಮ್ಮ ನಿಲುವು ಸ್ಪಷ್ಟಪಡಿಸಿವೆ. ಸಾರ್ವಜನಿಕರಲ್ಲಿ ಗೊಂದಲ ಉಂಟಾಗದಂತೆ ಕ್ರಮ ಕೈಗೊಳ್ಳಬೇಕು ಎಂದು ಒತ್ತಾಯಿಸಲಾಗಿದೆ. ಅಧಿಕಾರಿಗಳಿಗೆ ಸೂಕ್ತ ತರಬೇತಿ ನೀಡುವಂತೆ ಸೂಚಿಸಲಾಗಿದೆ. ಮತದಾರರ ಜಾಗೃತಿ ಕಾರ್ಯಕ್ರಮಗಳನ್ನು ಹಮ್ಮಿಕೊಳ್ಳಲಾಗುವುದು.
ಪದಬಂಧ
▶▶ ರಾಜಾ ಸಂಗೊಳ್ಳಿ ಹಿರೇಮಠ
1	2	3	4	5
6	7	8
9	10	11	12 13
14	15
16	17
5800
5799
ಉತ್ತರ
ಸರ್ಕಾರದ ಈ ನಿರ್ಧಾರದ ವಿರುದ್ಧ ಪ್ರತಿಪಕ್ಷಗಳು ತೀವ್ರ ವಿರೋಧ ವ್ಯಕ್ತಪಡಿಸಿವೆ. ಮತದಾರರ ಪಟ್ಟಿ ಪರಿಷ್ಕರಣೆ ಹೆಸರಿನಲ್ಲಿ ಅರ್ಹ ಮತದಾರರ ಹೆಸರು ಕೈಬಿಡುವ ಯತ್ನ ನಡೆಯುತ್ತಿದೆ ಎಂದು ಆರೋಪಿಸಿವೆ. ಈ ಬಗ್ಗೆ ಚುನಾವಣಾ ಆಯೋಗಕ್ಕೆ ದೂರು ನೀಡಲಾಗುವುದು ಎಂದು ತಿಳಿಸಿವೆ. ಈ ಮಧ್ಯೆ ರಾಜ್ಯ ಸರ್ಕಾರ ಈ ಕುರಿತು ಕಾನೂನು ತಜ್ಞರ ಸಲಹೆ ಪಡೆಯಲಿದೆ ಎಂದು ಮೂಲಗಳು ತಿಳಿಸಿವೆ. ಮುಂದಿನ ದಿನಗಳಲ್ಲಿ ಈ ವಿಚಾರ ರಾಜಕೀಯ ವಲಯದಲ್ಲಿ ಸಾಕಷ್ಟು ಚರ್ಚೆಗೆ ಗ್ರಾಸವಾಗುವ ಸಾಧ್ಯತೆ ಇದೆ. ಎಲ್ಲಾ ಪಕ್ಷಗಳು ತಮ್ಮ ನಿಲುವು ಸ್ಪಷ್ಟಪಡಿಸಿವೆ. ಸಾರ್ವಜನಿಕರಲ್ಲಿ ಗೊಂದಲ ಉಂಟಾಗದಂತೆ ಕ್ರಮ ಕೈಗೊಳ್ಳಬೇಕು ಎಂದು ಒತ್ತಾಯಿಸಲಾಗಿದೆ. ಅಧಿಕಾರಿಗಳಿಗೆ ಸೂಕ್ತ ತರಬೇತಿ ನೀಡುವಂತೆ ಸೂಚಿಸಲಾಗಿದೆ. ಮತದಾರರ ಜಾಗೃತಿ ಕಾರ್ಯಕ್ರಮಗಳನ್ನು ಹಮ್ಮಿಕೊಳ್ಳಲಾಗುವುದು.
ಎಡದಿಂದ ಬಲಕ್ಕೆ
1.ಶಾಲೆ ತೆರೆಯುವ ಮುಂದಾಣ (3)
3.ನೆಲಸಾಧನದ ನಿಗಂತ್ ಪತ್ತೆ (4)
6.ಕಾಲುವೆ ಇಲ್ಲದ ಸ್ಥಿತಿ (3)
7.ಇಲ್ಲಿಯ ಮಾತಿನ ನೋಟ (4)
9.ಕೃಷಿ ನೆಲದ ಪ್ರದೇಶ (4)
11.ಮೊದಲಿನಿಂದ ಆರಂಭ (4)
12.ಬಳ್ಳಿ ಮೂಡುಗಿನ ಅಂಗಿಯ (3)
15.ಬೆಳೆಯಲು ಸಾಧ್ಯ (4)
16.ಅಲಿಕೆಯಲ್ಲಿ ನಿರ್ಮಾಣ (4)
17.ಮಾತಿನ ವಿನಿಮಯದ ಹಾದಿ (4)
ಮೇಲಿನಿಂದ ಕೆಳಕ್ಕೆ
1.ಅಕ್ಷರ
2.ಆರಂಭಿಸು
4.ಚಿನ್ನದ ಹೊಳಪು
5.ಮತ್ತೊಮ್ಮೆ ಕೇಳು
8.ಸಾಮಾನ್ಯ ಸ್ಥಿತಿ
10.ಮುಂದಿನ ಹೆಜ್ಜೆ
13.ಒಂದು ಪದದ ಅರ್ಥ (4)
14.ಕಾಡಿನ ಹಾದಿ (3)
